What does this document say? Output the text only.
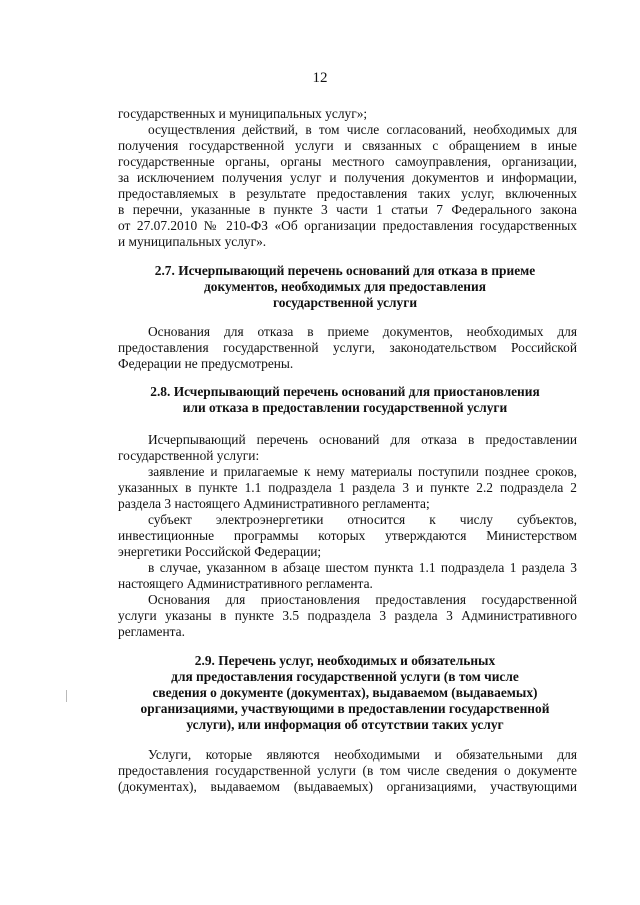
12
государственных и муниципальных услуг»;
осуществления действий, в том числе согласований, необходимых для
получения государственной услуги и связанных с обращением в иные
государственные органы, органы местного самоуправления, организации,
за исключением получения услуг и получения документов и информации,
предоставляемых в результате предоставления таких услуг, включенных
в перечни, указанные в пункте 3 части 1 статьи 7 Федерального закона
от 27.07.2010 № 210-ФЗ «Об организации предоставления государственных
и муниципальных услуг».
2.7. Исчерпывающий перечень оснований для отказа в приеме
документов, необходимых для предоставления
государственной услуги
Основания для отказа в приеме документов, необходимых для
предоставления государственной услуги, законодательством Российской
Федерации не предусмотрены.
2.8. Исчерпывающий перечень оснований для приостановления
или отказа в предоставлении государственной услуги
Исчерпывающий перечень оснований для отказа в предоставлении
государственной услуги:
заявление и прилагаемые к нему материалы поступили позднее сроков,
указанных в пункте 1.1 подраздела 1 раздела 3 и пункте 2.2 подраздела 2
раздела 3 настоящего Административного регламента;
субъект электроэнергетики относится к числу субъектов,
инвестиционные программы которых утверждаются Министерством
энергетики Российской Федерации;
в случае, указанном в абзаце шестом пункта 1.1 подраздела 1 раздела 3
настоящего Административного регламента.
Основания для приостановления предоставления государственной
услуги указаны в пункте 3.5 подраздела 3 раздела 3 Административного
регламента.
2.9. Перечень услуг, необходимых и обязательных
для предоставления государственной услуги (в том числе
сведения о документе (документах), выдаваемом (выдаваемых)
организациями, участвующими в предоставлении государственной
услуги), или информация об отсутствии таких услуг
Услуги, которые являются необходимыми и обязательными для
предоставления государственной услуги (в том числе сведения о документе
(документах), выдаваемом (выдаваемых) организациями, участвующими
